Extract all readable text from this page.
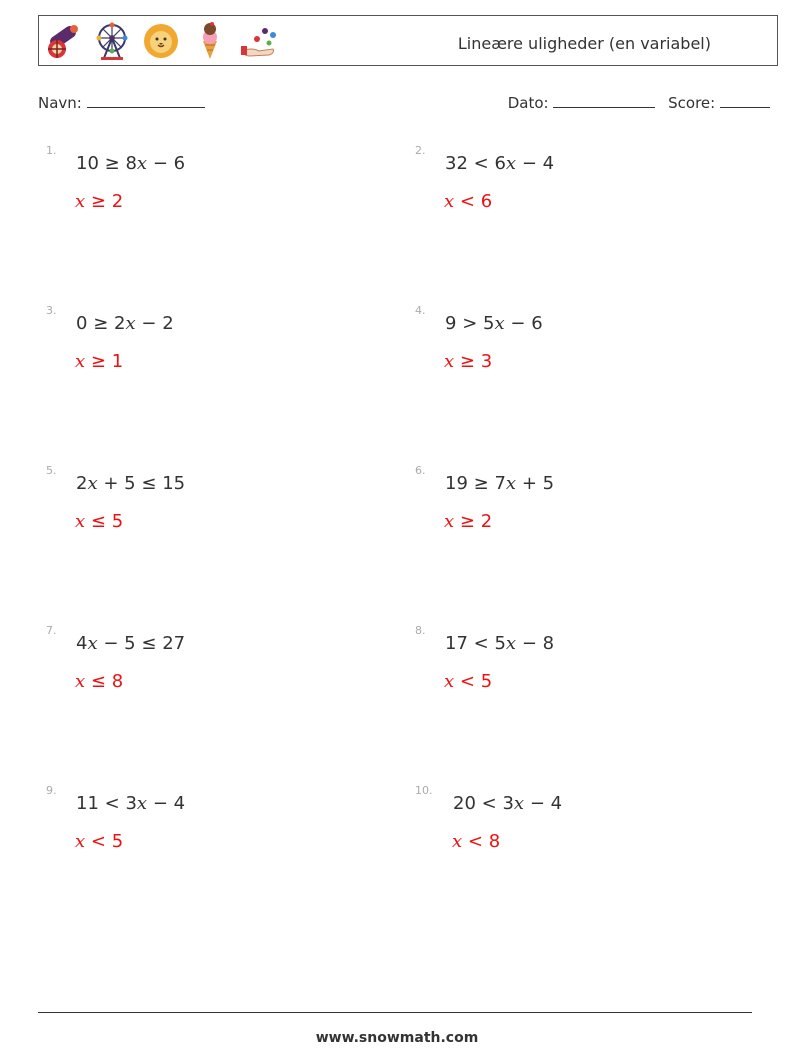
Lineære uligheder (en variabel)
Navn:	Dato:	Score:
1.
10 ≥ 8x − 6
x ≥ 2
2.
32 < 6x − 4
x < 6
3.
0 ≥ 2x − 2
x ≥ 1
4.
9 > 5x − 6
x ≥ 3
5.
2x + 5 ≤ 15
x ≤ 5
6.
19 ≥ 7x + 5
x ≥ 2
7.
4x − 5 ≤ 27
x ≤ 8
8.
17 < 5x − 8
x < 5
9.
11 < 3x − 4
x < 5
10.
20 < 3x − 4
x < 8
www.snowmath.com
